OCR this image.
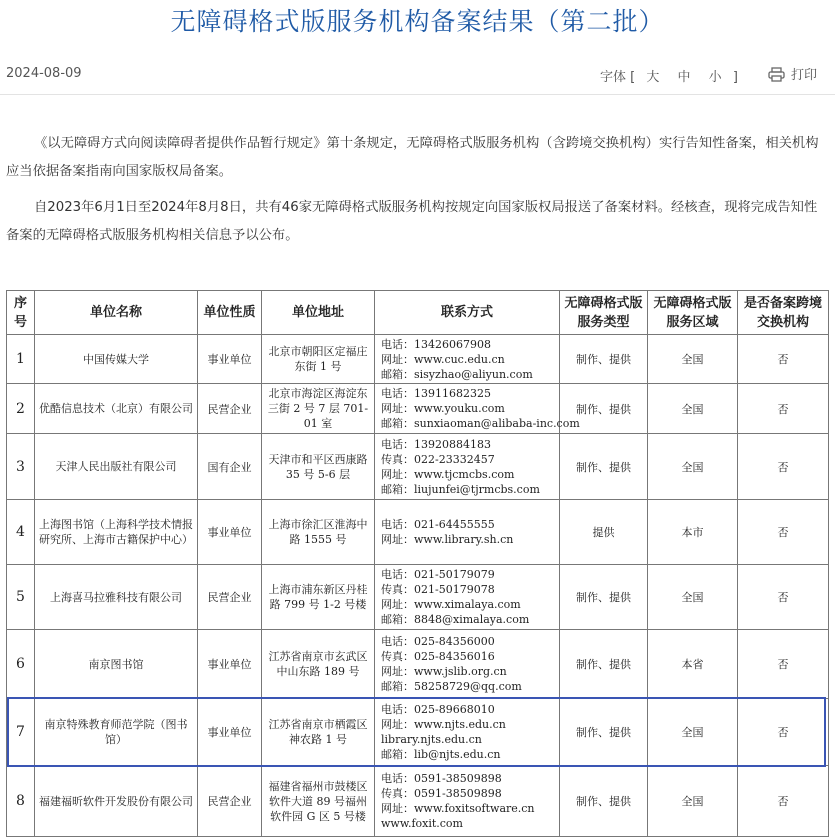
无障碍格式版服务机构备案结果（第二批）
2024-08-09	字体 [ 大 中 小 ]	打印

《以无障碍方式向阅读障碍者提供作品暂行规定》第十条规定，无障碍格式版服务机构（含跨境交换机构）实行告知性备案，相关机构应当依据备案指南向国家版权局备案。

自2023年6月1日至2024年8月8日，共有46家无障碍格式版服务机构按规定向国家版权局报送了备案材料。经核查，现将完成告知性备案的无障碍格式版服务机构相关信息予以公布。

序号	单位名称	单位性质	单位地址	联系方式	无障碍格式版服务类型	无障碍格式版服务区域	是否备案跨境交换机构
1	中国传媒大学	事业单位	北京市朝阳区定福庄东街 1 号	电话：13426067908
网址：www.cuc.edu.cn
邮箱：sisyzhao@aliyun.com	制作、提供	全国	否
2	优酷信息技术（北京）有限公司	民营企业	北京市海淀区海淀东三街 2 号 7 层 701-01 室	电话：13911682325
网址：www.youku.com
邮箱：sunxiaoman@alibaba-inc.com	制作、提供	全国	否
3	天津人民出版社有限公司	国有企业	天津市和平区西康路 35 号 5-6 层	电话：13920884183
传真：022-23332457
网址：www.tjcmcbs.com
邮箱：liujunfei@tjrmcbs.com	制作、提供	全国	否
4	上海图书馆（上海科学技术情报研究所、上海市古籍保护中心）	事业单位	上海市徐汇区淮海中路 1555 号	电话：021-64455555
网址：www.library.sh.cn	提供	本市	否
5	上海喜马拉雅科技有限公司	民营企业	上海市浦东新区丹桂路 799 号 1-2 号楼	电话：021-50179079
传真：021-50179078
网址：www.ximalaya.com
邮箱：8848@ximalaya.com	制作、提供	全国	否
6	南京图书馆	事业单位	江苏省南京市玄武区中山东路 189 号	电话：025-84356000
传真：025-84356016
网址：www.jslib.org.cn
邮箱：58258729@qq.com	制作、提供	本省	否
7	南京特殊教育师范学院（图书馆）	事业单位	江苏省南京市栖霞区神农路 1 号	电话：025-89668010
网址：www.njts.edu.cn
library.njts.edu.cn
邮箱：lib@njts.edu.cn	制作、提供	全国	否
8	福建福昕软件开发股份有限公司	民营企业	福建省福州市鼓楼区软件大道 89 号福州软件园 G 区 5 号楼	电话：0591-38509898
传真：0591-38509898
网址：www.foxitsoftware.cn
www.foxit.com	制作、提供	全国	否
